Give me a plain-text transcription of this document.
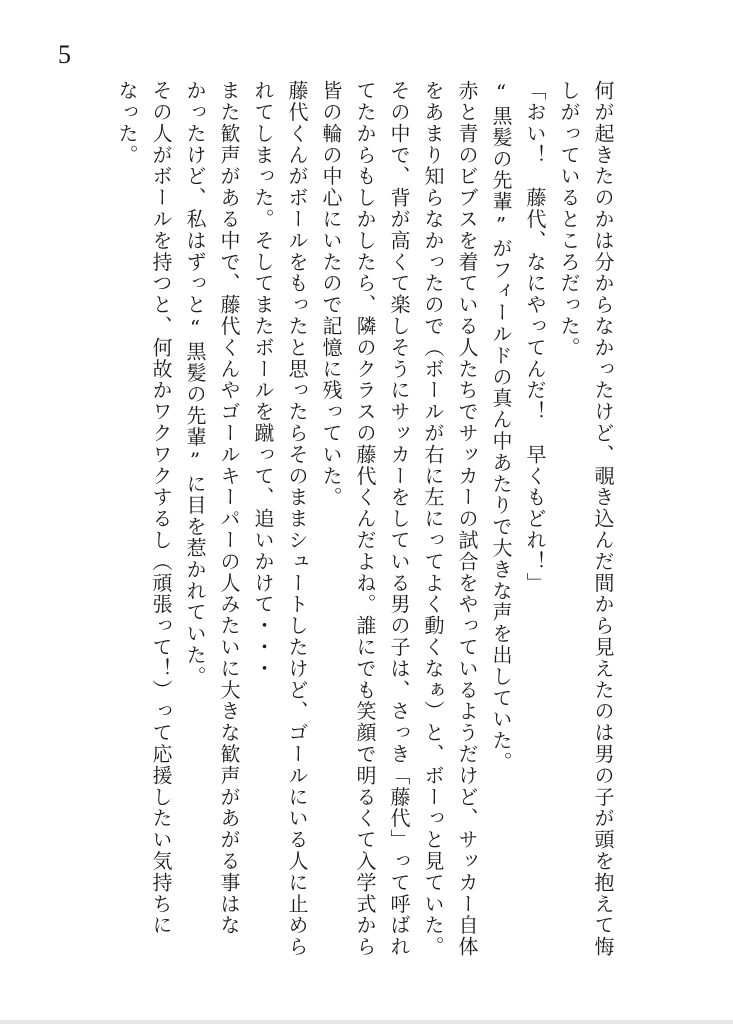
5
何が起きたのかは分からなかったけど、覗き込んだ間から見えたのは男の子が頭を抱えて悔
しがっているところだった。
「おい！　藤代、なにやってんだ！　早くもどれ！」
“黒髪の先輩”がフィールドの真ん中あたりで大きな声を出していた。
赤と青のビブスを着ている人たちでサッカーの試合をやっているようだけど、サッカー自体
をあまり知らなかったので（ボールが右に左にってよく動くなぁ）と、ボーっと見ていた。
その中で、背が高くて楽しそうにサッカーをしている男の子は、さっき「藤代」って呼ばれ
てたからもしかしたら、隣のクラスの藤代くんだよね。誰にでも笑顔で明るくて入学式から
皆の輪の中心にいたので記憶に残っていた。
藤代くんがボールをもったと思ったらそのままシュートしたけど、ゴールにいる人に止めら
れてしまった。そしてまたボールを蹴って、追いかけて・・・
また歓声がある中で、藤代くんやゴールキーパーの人みたいに大きな歓声があがる事はな
かったけど、私はずっと“黒髪の先輩”に目を惹かれていた。
その人がボールを持つと、何故かワクワクするし（頑張って！）って応援したい気持ちに
なった。
